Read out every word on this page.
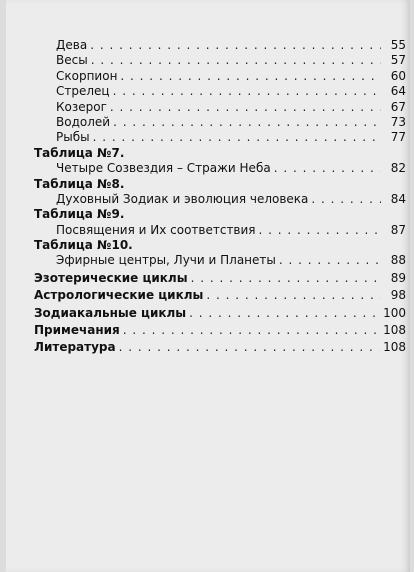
Дева . . .	55
Весы . . .	57
Скорпион . . .	60
Стрелец . . .	64
Козерог . . .	67
Водолей . . .	73
Рыбы . . .	77
Таблица №7.
Четыре Созвездия – Стражи Неба . . .	82
Таблица №8.
Духовный Зодиак и эволюция человека . . .	84
Таблица №9.
Посвящения и Их соответствия . . .	87
Таблица №10.
Эфирные центры, Лучи и Планеты . . .	88
Эзотерические циклы . . .	89
Астрологические циклы . . .	98
Зодиакальные циклы . . .	100
Примечания . . .	108
Литература . . .	108
